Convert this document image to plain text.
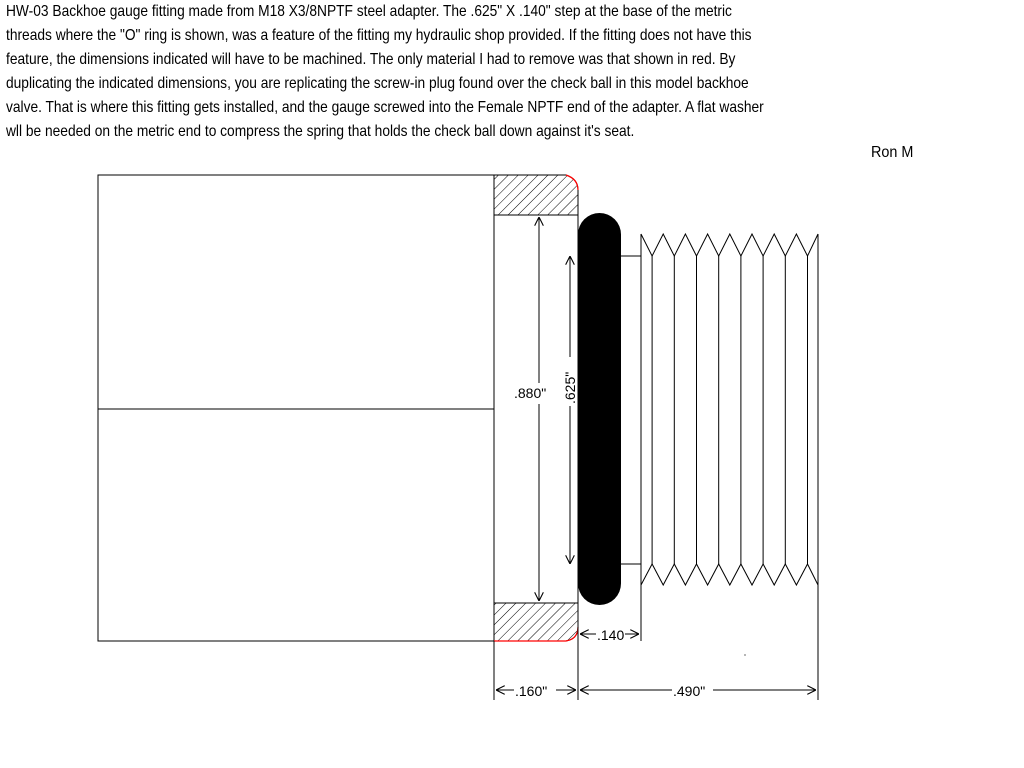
HW-03 Backhoe gauge fitting made from M18 X3/8NPTF steel adapter. The .625" X .140" step at the base of the metric
threads where the "O" ring is shown, was a feature of the fitting my hydraulic shop provided. If the fitting does not have this
feature, the dimensions indicated will have to be machined. The only material I had to remove was that shown in red. By
duplicating the indicated dimensions, you are replicating the screw-in plug found over the check ball in this model backhoe
valve. That is where this fitting gets installed, and the gauge screwed into the Female NPTF end of the adapter. A flat washer
wll be needed on the metric end to compress the spring that holds the check ball down against it's seat.
Ron M
.880" .625"
.140
.160"	.490"
